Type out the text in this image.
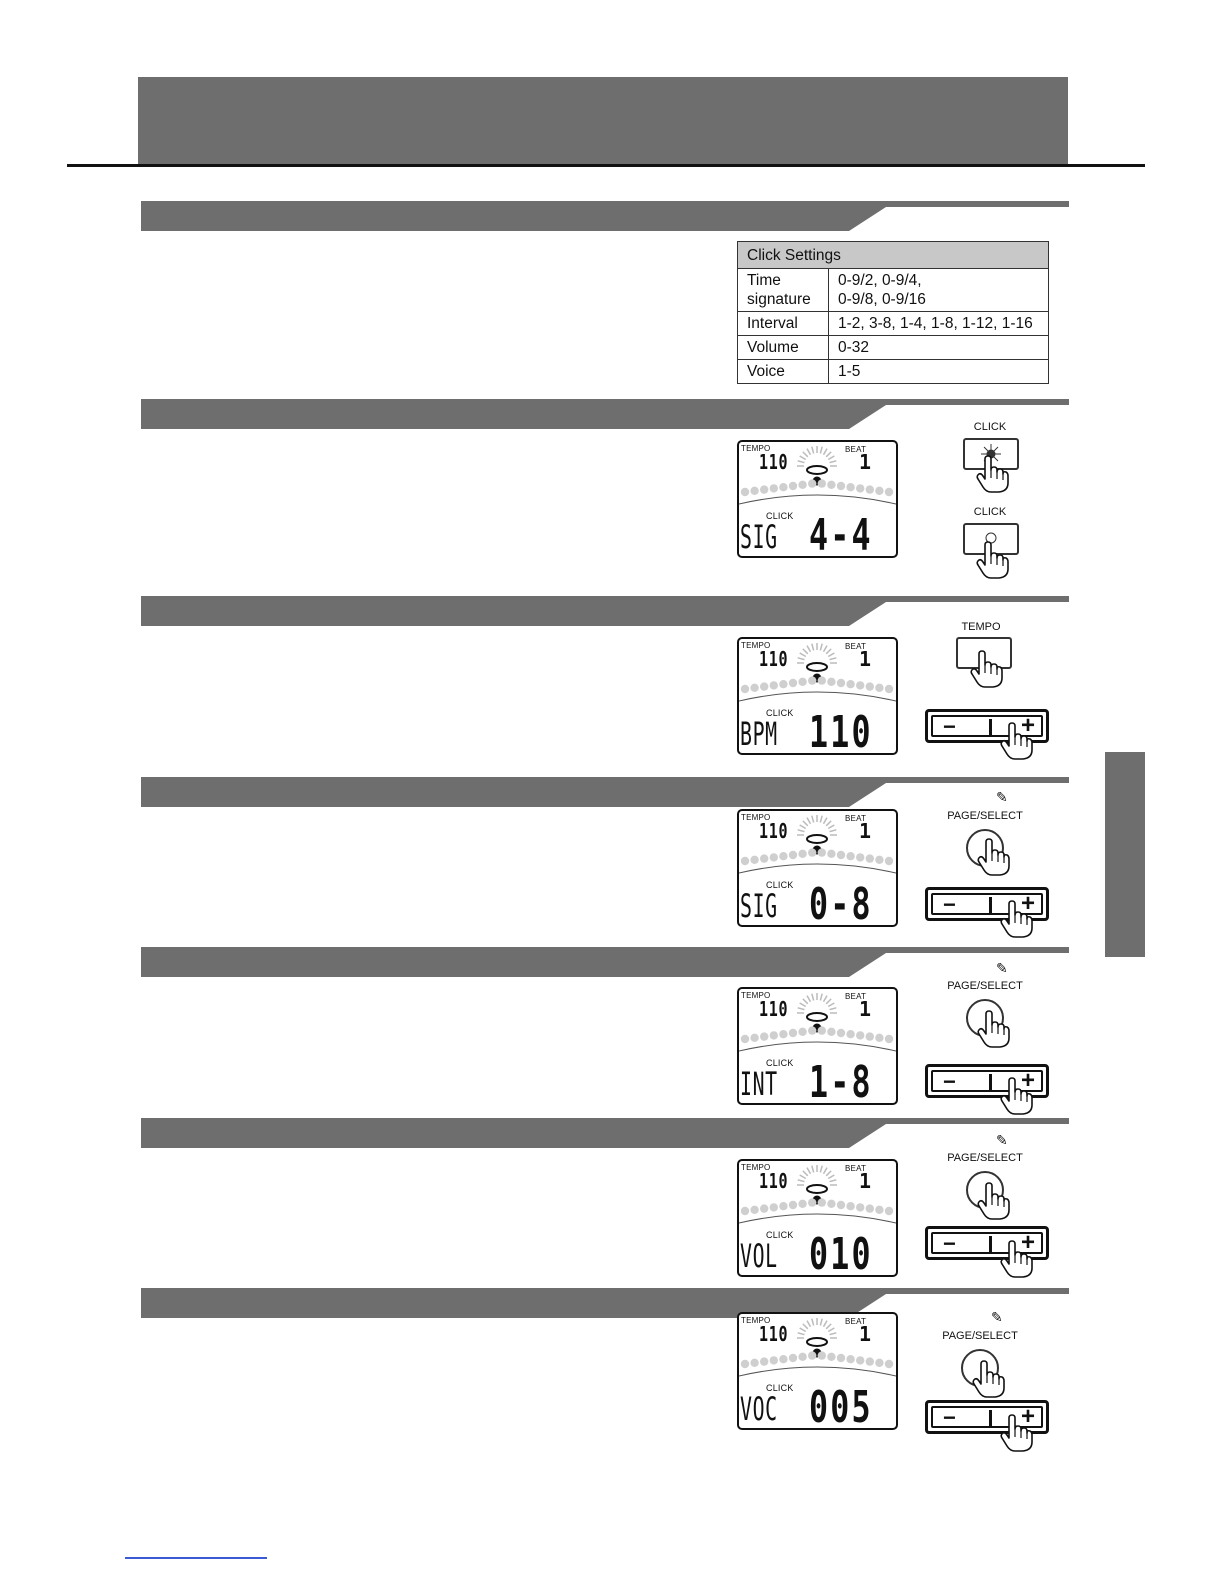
Click Settings	
Time
signature	0-9/2, 0-9/4,
0-9/8, 0-9/16
Interval	1-2, 3-8, 1-4, 1-8, 1-12, 1-16
Volume	0-32
Voice	1-5
TEMPO	BEAT
CLICK
110	1
SIG 4-4
TEMPO	BEAT
CLICK
110	1
BPM 110
TEMPO	BEAT
CLICK
110	1
SIG 0-8
TEMPO	BEAT
CLICK
110	1
INT 1-8
TEMPO	BEAT
CLICK
110	1
VOL 010
TEMPO	BEAT
CLICK
110	1
VOC 005
CLICK
CLICK
TEMPO
PAGE/SELECT
PAGE/SELECT
PAGE/SELECT
PAGE/SELECT
✎
✎
✎
✎
−	+
−	+
−	+
−	+
−	+
